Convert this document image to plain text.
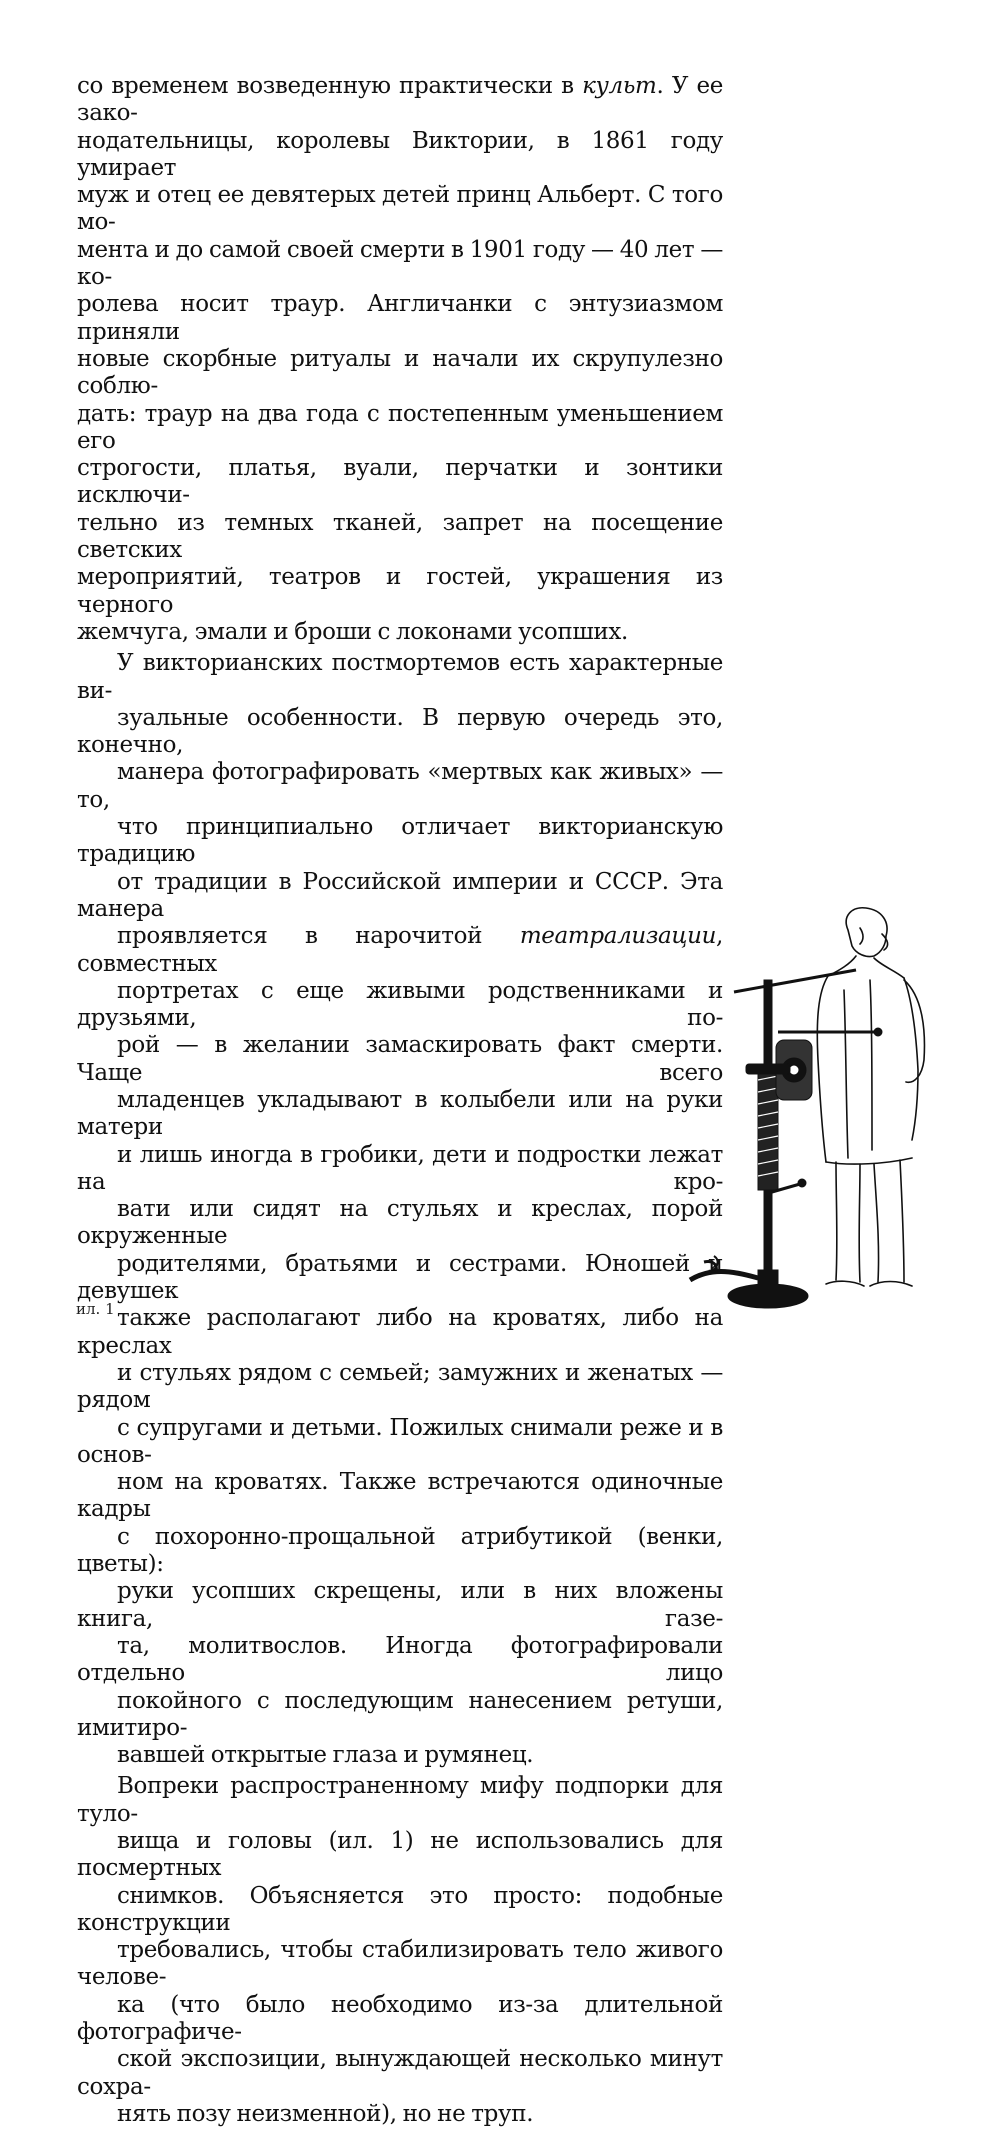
со временем возведенную практически в культ. У ее зако-
нодательницы, королевы Виктории, в 1861 году умирает
муж и отец ее девятерых детей принц Альберт. С того мо-
мента и до самой своей смерти в 1901 году — 40 лет — ко-
ролева носит траур. Англичанки с энтузиазмом приняли
новые скорбные ритуалы и начали их скрупулезно соблю-
дать: траур на два года с постепенным уменьшением его
строгости, платья, вуали, перчатки и зонтики исключи-
тельно из темных тканей, запрет на посещение светских
мероприятий, театров и гостей, украшения из черного
жемчуга, эмали и броши с локонами усопших.

У викторианских постмортемов есть характерные ви-
зуальные особенности. В первую очередь это, конечно,
манера фотографировать «мертвых как живых» — то,
что принципиально отличает викторианскую традицию
от традиции в Российской империи и СССР. Эта манера
проявляется в нарочитой театрализации, совместных
портретах с еще живыми родственниками и друзьями, по-
рой — в желании замаскировать факт смерти. Чаще всего
младенцев укладывают в колыбели или на руки матери
и лишь иногда в гробики, дети и подростки лежат на кро-
вати или сидят на стульях и креслах, порой окруженные
родителями, братьями и сестрами. Юношей и девушек
также располагают либо на кроватях, либо на креслах
и стульях рядом с семьей; замужних и женатых — рядом
с супругами и детьми. Пожилых снимали реже и в основ-
ном на кроватях. Также встречаются одиночные кадры
с похоронно-прощальной атрибутикой (венки, цветы):
руки усопших скрещены, или в них вложены книга, газе-
та, молитвослов. Иногда фотографировали отдельно лицо
покойного с последующим нанесением ретуши, имитиро-
вавшей открытые глаза и румянец.

Вопреки распространенному мифу подпорки для туло-
вища и головы (ил. 1) не использовались для посмертных
снимков. Объясняется это просто: подобные конструкции
требовались, чтобы стабилизировать тело живого челове-
ка (что было необходимо из-за длительной фотографиче-
ской экспозиции, вынуждающей несколько минут сохра-
нять позу неизменной), но не труп.

ил. 1
